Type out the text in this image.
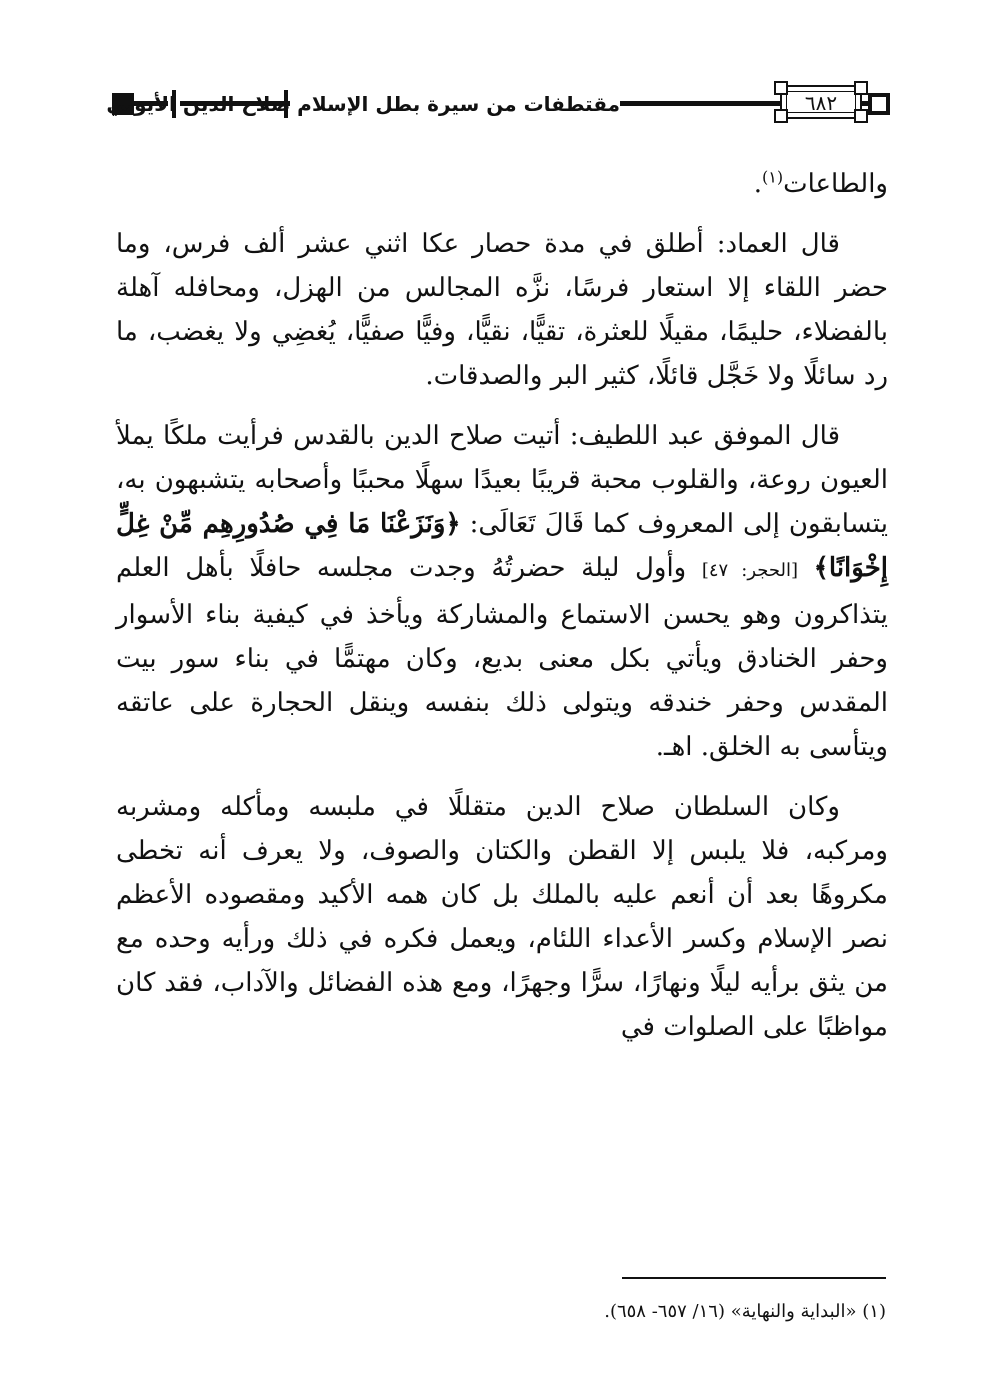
مقتطفات من سيرة بطل الإسلام صلاح الدين الأيوبي	٦٨٢

والطاعات$^{(١)}$.

قال العماد: أطلق في مدة حصار عكا اثني عشر ألف فرس، وما حضر اللقاء إلا استعار فرسًا، نزَّه المجالس من الهزل، ومحافله آهلة بالفضلاء، حليمًا، مقيلًا للعثرة، تقيًّا، نقيًّا، وفيًّا صفيًّا، يُغضِي ولا يغضب، ما رد سائلًا ولا خَجَّل قائلًا، كثير البر والصدقات.

قال الموفق عبد اللطيف: أتيت صلاح الدين بالقدس فرأيت ملكًا يملأ العيون روعة، والقلوب محبة قريبًا بعيدًا سهلًا محببًا وأصحابه يتشبهون به، يتسابقون إلى المعروف كما قَالَ تَعَالَى: ﴿وَنَزَعْنَا مَا فِي صُدُورِهِم مِّنْ غِلٍّ إِخْوَانًا﴾ [الحجر: ٤٧] وأول ليلة حضرتُهُ وجدت مجلسه حافلًا بأهل العلم يتذاكرون وهو يحسن الاستماع والمشاركة ويأخذ في كيفية بناء الأسوار وحفر الخنادق ويأتي بكل معنى بديع، وكان مهتمًّا في بناء سور بيت المقدس وحفر خندقه ويتولى ذلك بنفسه وينقل الحجارة على عاتقه ويتأسى به الخلق. اهـ.

وكان السلطان صلاح الدين متقللًا في ملبسه ومأكله ومشربه ومركبه، فلا يلبس إلا القطن والكتان والصوف، ولا يعرف أنه تخطى مكروهًا بعد أن أنعم عليه بالملك بل كان همه الأكيد ومقصوده الأعظم نصر الإسلام وكسر الأعداء اللئام، ويعمل فكره في ذلك ورأيه وحده مع من يثق برأيه ليلًا ونهارًا، سرًّا وجهرًا، ومع هذه الفضائل والآداب، فقد كان مواظبًا على الصلوات في

(١) «البداية والنهاية» (١٦/ ٦٥٧- ٦٥٨).
